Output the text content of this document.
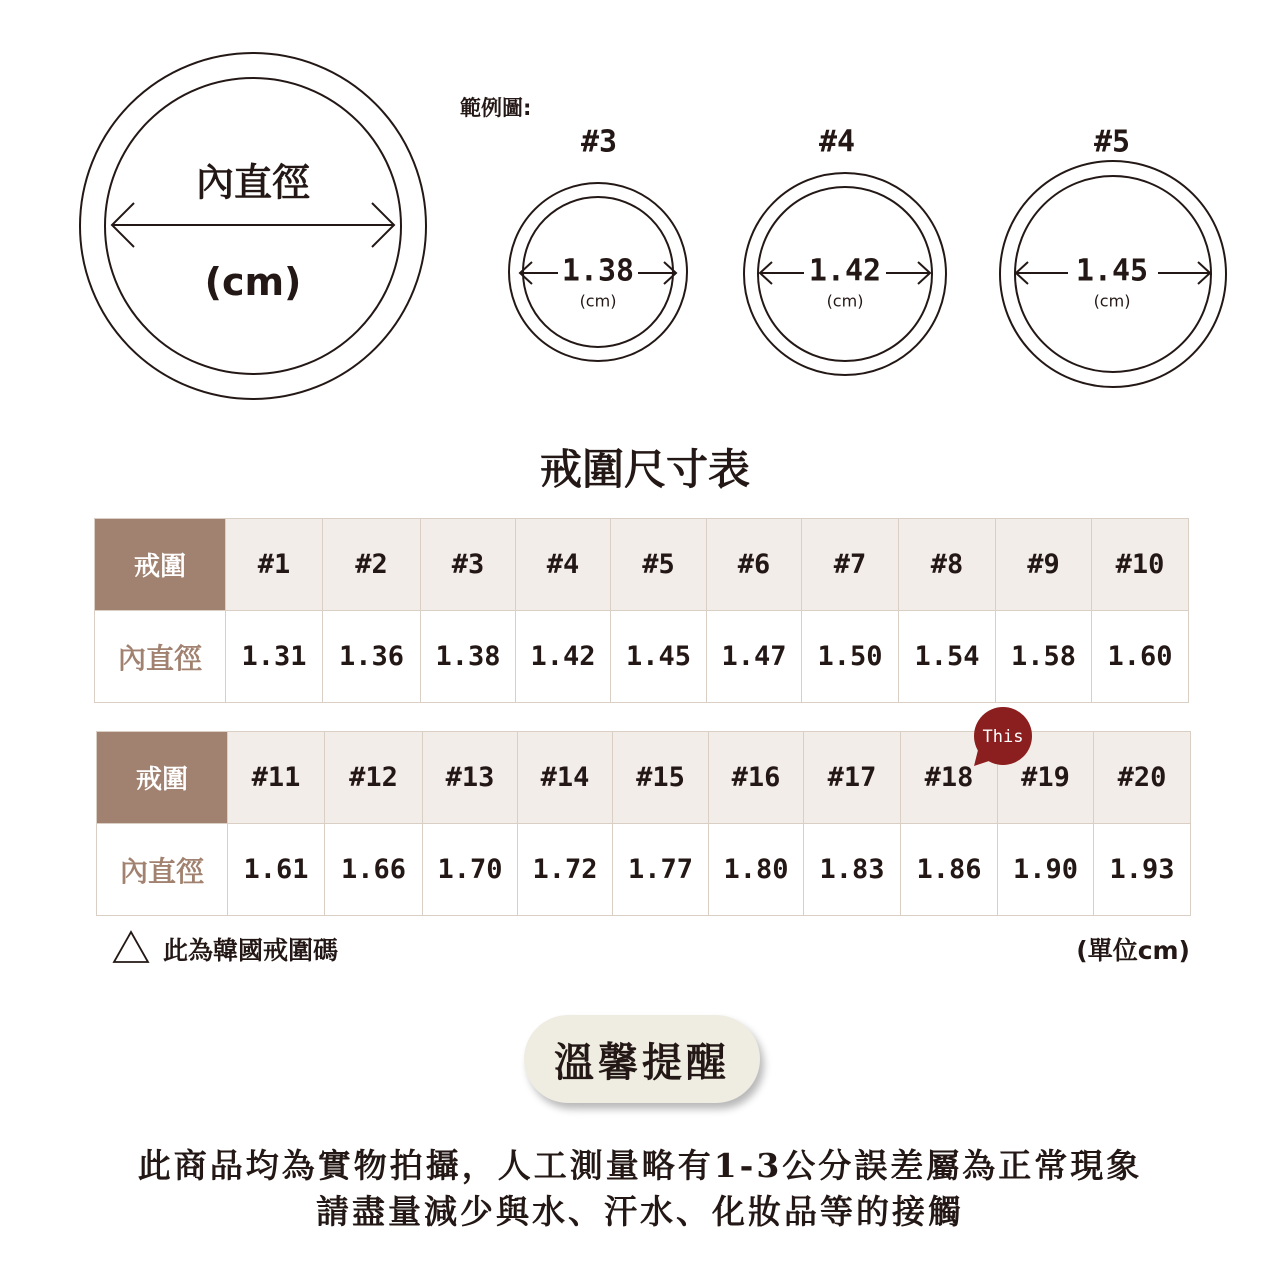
內直徑
(cm)
範例圖:
#3
1.38
(cm)
#4
1.42
(cm)
#5
1.45
(cm)
戒圍尺寸表
戒圍	#1	#2	#3	#4	#5	#6	#7	#8	#9	#10
內直徑	1.31	1.36	1.38	1.42	1.45	1.47	1.50	1.54	1.58	1.60
戒圍	#11	#12	#13	#14	#15	#16	#17	#18	#19	#20
內直徑	1.61	1.66	1.70	1.72	1.77	1.80	1.83	1.86	1.90	1.93
This
此為韓國戒圍碼	(單位cm)
溫馨提醒
此商品均為實物拍攝，人工測量略有1-3公分誤差屬為正常現象
請盡量減少與水、汗水、化妝品等的接觸
